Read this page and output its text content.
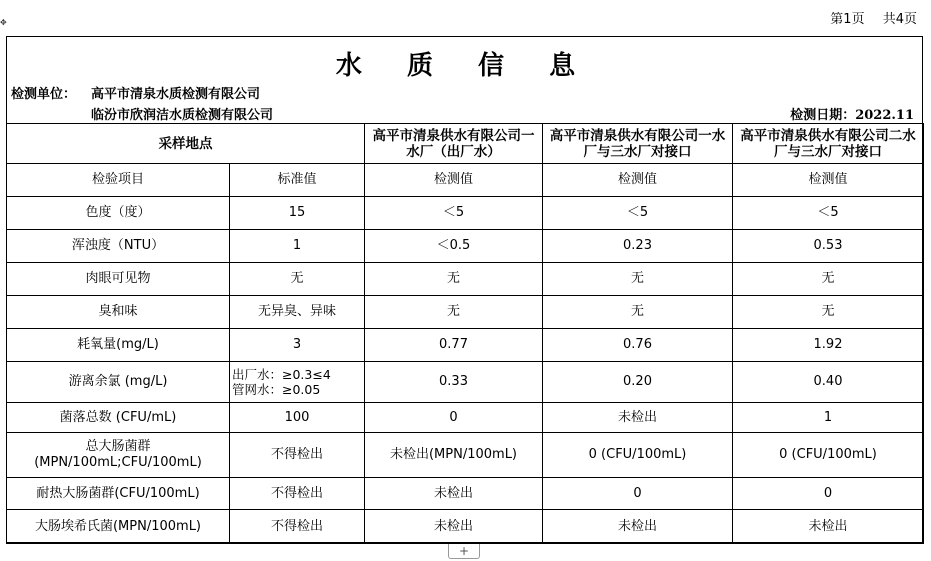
第1页 共4页
✥
水 质 信 息
检测单位： 高平市清泉水质检测有限公司
临汾市欣润洁水质检测有限公司	检测日期：2022.11
采样地点		高平市清泉供水有限公司一水厂（出厂水）	高平市清泉供水有限公司一水厂与三水厂对接口	高平市清泉供水有限公司二水厂与三水厂对接口
检验项目	标准值	检测值	检测值	检测值
色度（度）	15	＜5	＜5	＜5
浑浊度（NTU）	1	＜0.5	0.23	0.53
肉眼可见物	无	无	无	无
臭和味	无异臭、异味	无	无	无
耗氧量(mg/L)	3	0.77	0.76	1.92
游离余氯 (mg/L)	出厂水：≥0.3≤4
管网水：≥0.05	0.33	0.20	0.40
菌落总数 (CFU/mL)	100	0	未检出	1

总大肠菌群
(MPN/100mL;CFU/100mL)	不得检出	未检出(MPN/100mL)	0 (CFU/100mL)	0 (CFU/100mL)
耐热大肠菌群(CFU/100mL)	不得检出	未检出	0	0
大肠埃希氏菌(MPN/100mL)	不得检出	未检出	未检出	未检出
+
